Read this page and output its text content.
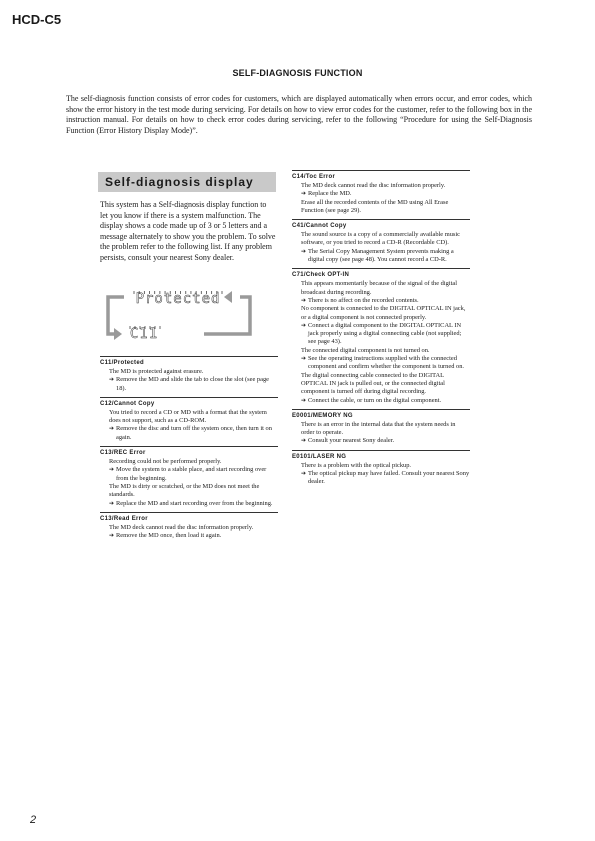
HCD-C5
SELF-DIAGNOSIS FUNCTION
The self-diagnosis function consists of error codes for customers, which are displayed automatically when errors occur, and error codes, which show the error history in the test mode during servicing. For details on how to view error codes for the customer, refer to the following box in the instruction manual. For details on how to check error codes during servicing, refer to the following “Procedure for using the Self-Diagnosis Function (Error History Display Mode)”.
Self-diagnosis display
This system has a Self-diagnosis display function to let you know if there is a system malfunction. The display shows a code made up of 3 or 5 letters and a message alternately to show you the problem. To solve the problem refer to the following list. If any problem persists, consult your nearest Sony dealer.
Protected
C11
C11/Protected
The MD is protected against erasure.
➔ Remove the MD and slide the tab to close the slot (see page 18).
C12/Cannot Copy
You tried to record a CD or MD with a format that the system does not support, such as a CD-ROM.
➔ Remove the disc and turn off the system once, then turn it on again.
C13/REC Error
Recording could not be performed properly.
➔ Move the system to a stable place, and start recording over from the beginning.
The MD is dirty or scratched, or the MD does not meet the standards.
➔ Replace the MD and start recording over from the beginning.
C13/Read Error
The MD deck cannot read the disc information properly.
➔ Remove the MD once, then load it again.
C14/Toc Error
The MD deck cannot read the disc information properly.
➔ Replace the MD.
Erase all the recorded contents of the MD using All Erase Function (see page 29).
C41/Cannot Copy
The sound source is a copy of a commercially available music software, or you tried to record a CD-R (Recordable CD).
➔ The Serial Copy Management System prevents making a digital copy (see page 48). You cannot record a CD-R.
C71/Check OPT-IN
This appears momentarily because of the signal of the digital broadcast during recording.
➔ There is no affect on the recorded contents.
No component is connected to the DIGITAL OPTICAL IN jack, or a digital component is not connected properly.
➔ Connect a digital component to the DIGITAL OPTICAL IN jack properly using a digital connecting cable (not supplied; see page 43).
The connected digital component is not turned on.
➔ See the operating instructions supplied with the connected component and confirm whether the component is turned on.
The digital connecting cable connected to the DIGITAL OPTICAL IN jack is pulled out, or the connected digital component is turned off during digital recording.
➔ Connect the cable, or turn on the digital component.
E0001/MEMORY NG
There is an error in the internal data that the system needs in order to operate.
➔ Consult your nearest Sony dealer.
E0101/LASER NG
There is a problem with the optical pickup.
➔ The optical pickup may have failed. Consult your nearest Sony dealer.
2
